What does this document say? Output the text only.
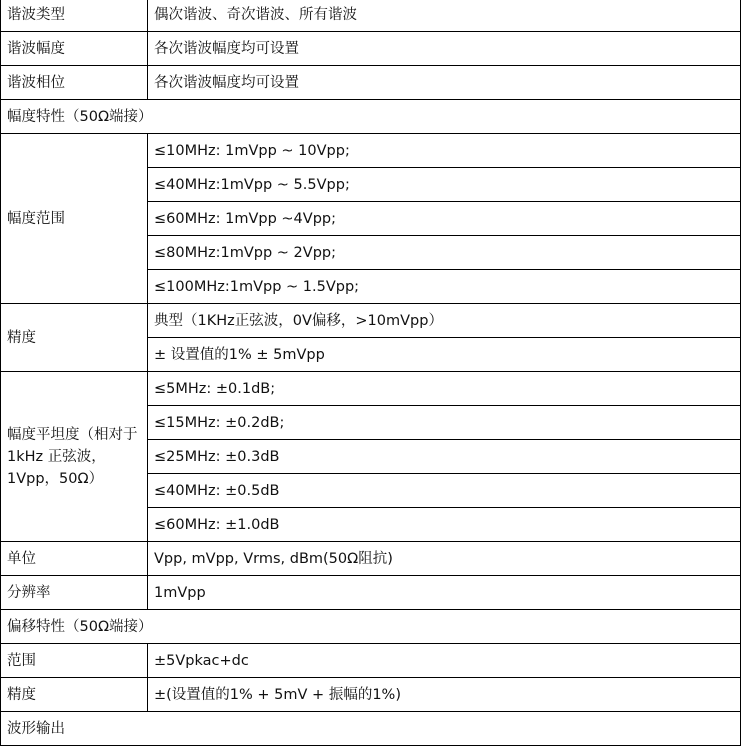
谐波类型	偶次谐波、奇次谐波、所有谐波
谐波幅度	各次谐波幅度均可设置
谐波相位	各次谐波幅度均可设置
幅度特性（50Ω端接）	
幅度范围	≤10MHz: 1mVpp ~ 10Vpp;
	≤40MHz:1mVpp ~ 5.5Vpp;
	≤60MHz: 1mVpp ~4Vpp;
	≤80MHz:1mVpp ~ 2Vpp;
	≤100MHz:1mVpp ~ 1.5Vpp;
精度	典型（1KHz正弦波，0V偏移，>10mVpp）
	± 设置值的1% ± 5mVpp
幅度平坦度（相对于1kHz 正弦波，1Vpp，50Ω）	≤5MHz: ±0.1dB;
	≤15MHz: ±0.2dB;
	≤25MHz: ±0.3dB
	≤40MHz: ±0.5dB
	≤60MHz: ±1.0dB
单位	Vpp, mVpp, Vrms, dBm(50Ω阻抗)
分辨率	1mVpp
偏移特性（50Ω端接）	
范围	±5Vpkac+dc
精度	±(设置值的1% + 5mV + 振幅的1%)
波形输出	
